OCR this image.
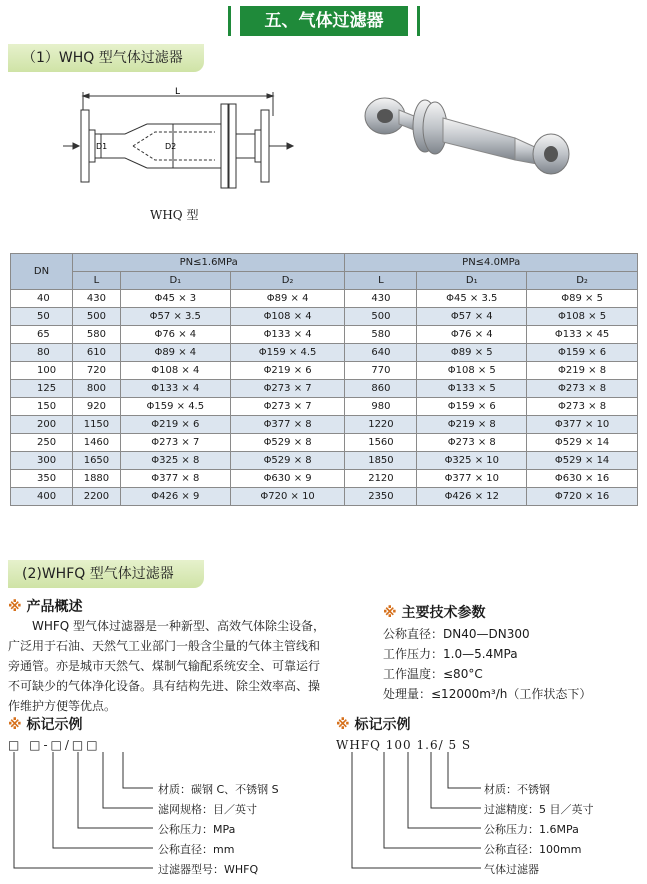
五、气体过滤器
（1）WHQ 型气体过滤器
L
D1	D2
WHQ 型
DN	PN≤1.6MPa			PN≤4.0MPa		
	L	D₁	D₂	L	D₁	D₂
40	430	Φ45 × 3	Φ89 × 4	430	Φ45 × 3.5	Φ89 × 5
50	500	Φ57 × 3.5	Φ108 × 4	500	Φ57 × 4	Φ108 × 5
65	580	Φ76 × 4	Φ133 × 4	580	Φ76 × 4	Φ133 × 45
80	610	Φ89 × 4	Φ159 × 4.5	640	Φ89 × 5	Φ159 × 6
100	720	Φ108 × 4	Φ219 × 6	770	Φ108 × 5	Φ219 × 8
125	800	Φ133 × 4	Φ273 × 7	860	Φ133 × 5	Φ273 × 8
150	920	Φ159 × 4.5	Φ273 × 7	980	Φ159 × 6	Φ273 × 8
200	1150	Φ219 × 6	Φ377 × 8	1220	Φ219 × 8	Φ377 × 10
250	1460	Φ273 × 7	Φ529 × 8	1560	Φ273 × 8	Φ529 × 14
300	1650	Φ325 × 8	Φ529 × 8	1850	Φ325 × 10	Φ529 × 14
350	1880	Φ377 × 8	Φ630 × 9	2120	Φ377 × 10	Φ630 × 16
400	2200	Φ426 × 9	Φ720 × 10	2350	Φ426 × 12	Φ720 × 16
(2)WHFQ 型气体过滤器
※ 产品概述
WHFQ 型气体过滤器是一种新型、高效气体除尘设备，
广泛用于石油、天然气工业部门一般含尘量的气体主管线和
旁通管。亦是城市天然气、煤制气输配系统安全、可靠运行
不可缺少的气体净化设备。具有结构先进、除尘效率高、操
作维护方便等优点。
※ 主要技术参数
公称直径：DN40—DN300
工作压力：1.0—5.4MPa
工作温度：≤80°C
处理量：≤12000m³/h（工作状态下）
※ 标记示例	※ 标记示例
□ □-□/□□
材质：碳钢 C、不锈钢 S
滤网规格：目／英寸
公称压力：MPa
公称直径：mm
过滤器型号：WHFQ
WHFQ 100 1.6/ 5 S
材质：不锈钢
过滤精度：5 目／英寸
公称压力：1.6MPa
公称直径：100mm
气体过滤器
